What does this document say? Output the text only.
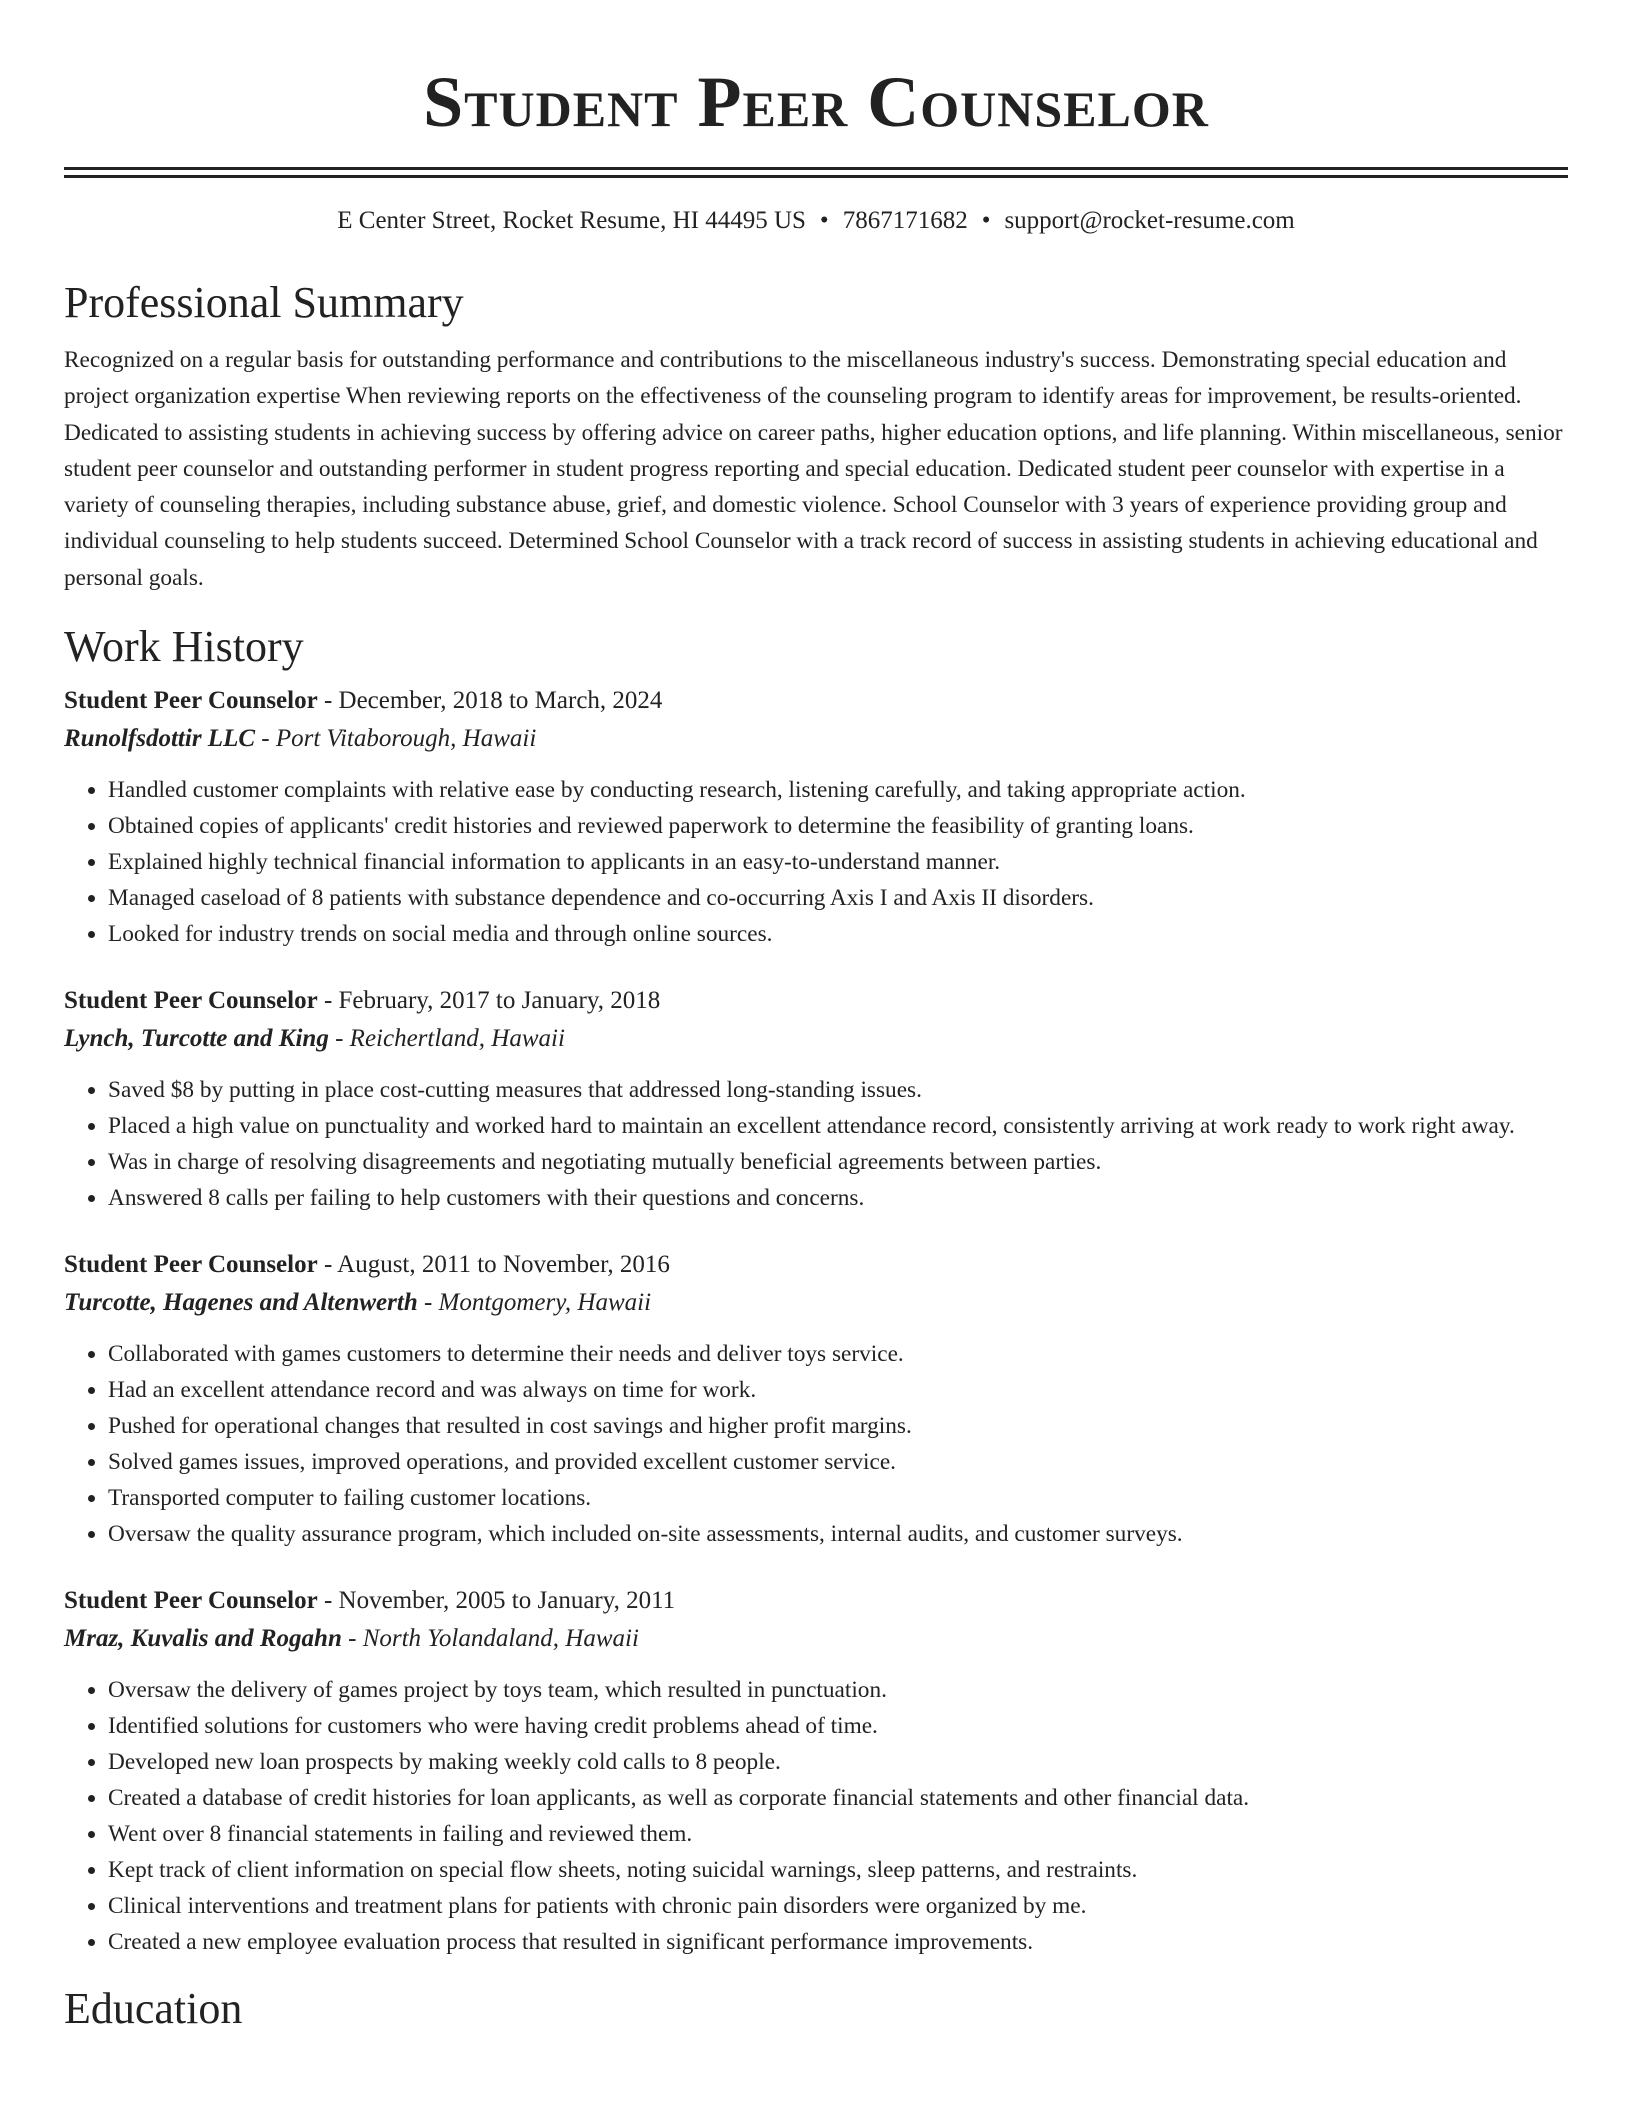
Student Peer Counselor
E Center Street, Rocket Resume, HI 44495 US • 7867171682 • support@rocket-resume.com
Professional Summary

Recognized on a regular basis for outstanding performance and contributions to the miscellaneous industry's success. Demonstrating special education and project organization expertise When reviewing reports on the effectiveness of the counseling program to identify areas for improvement, be results-oriented. Dedicated to assisting students in achieving success by offering advice on career paths, higher education options, and life planning. Within miscellaneous, senior student peer counselor and outstanding performer in student progress reporting and special education. Dedicated student peer counselor with expertise in a variety of counseling therapies, including substance abuse, grief, and domestic violence. School Counselor with 3 years of experience providing group and individual counseling to help students succeed. Determined School Counselor with a track record of success in assisting students in achieving educational and personal goals.

Work History
Student Peer Counselor - December, 2018 to March, 2024
Runolfsdottir LLC - Port Vitaborough, Hawaii
• Handled customer complaints with relative ease by conducting research, listening carefully, and taking appropriate action.
• Obtained copies of applicants' credit histories and reviewed paperwork to determine the feasibility of granting loans.
• Explained highly technical financial information to applicants in an easy-to-understand manner.
• Managed caseload of 8 patients with substance dependence and co-occurring Axis I and Axis II disorders.
• Looked for industry trends on social media and through online sources.
Student Peer Counselor - February, 2017 to January, 2018
Lynch, Turcotte and King - Reichertland, Hawaii
• Saved $8 by putting in place cost-cutting measures that addressed long-standing issues.
• Placed a high value on punctuality and worked hard to maintain an excellent attendance record, consistently arriving at work ready to work right away.
• Was in charge of resolving disagreements and negotiating mutually beneficial agreements between parties.
• Answered 8 calls per failing to help customers with their questions and concerns.
Student Peer Counselor - August, 2011 to November, 2016
Turcotte, Hagenes and Altenwerth - Montgomery, Hawaii
• Collaborated with games customers to determine their needs and deliver toys service.
• Had an excellent attendance record and was always on time for work.
• Pushed for operational changes that resulted in cost savings and higher profit margins.
• Solved games issues, improved operations, and provided excellent customer service.
• Transported computer to failing customer locations.
• Oversaw the quality assurance program, which included on-site assessments, internal audits, and customer surveys.
Student Peer Counselor - November, 2005 to January, 2011
Mraz, Kuvalis and Rogahn - North Yolandaland, Hawaii
• Oversaw the delivery of games project by toys team, which resulted in punctuation.
• Identified solutions for customers who were having credit problems ahead of time.
• Developed new loan prospects by making weekly cold calls to 8 people.
• Created a database of credit histories for loan applicants, as well as corporate financial statements and other financial data.
• Went over 8 financial statements in failing and reviewed them.
• Kept track of client information on special flow sheets, noting suicidal warnings, sleep patterns, and restraints.
• Clinical interventions and treatment plans for patients with chronic pain disorders were organized by me.
• Created a new employee evaluation process that resulted in significant performance improvements.
Education
